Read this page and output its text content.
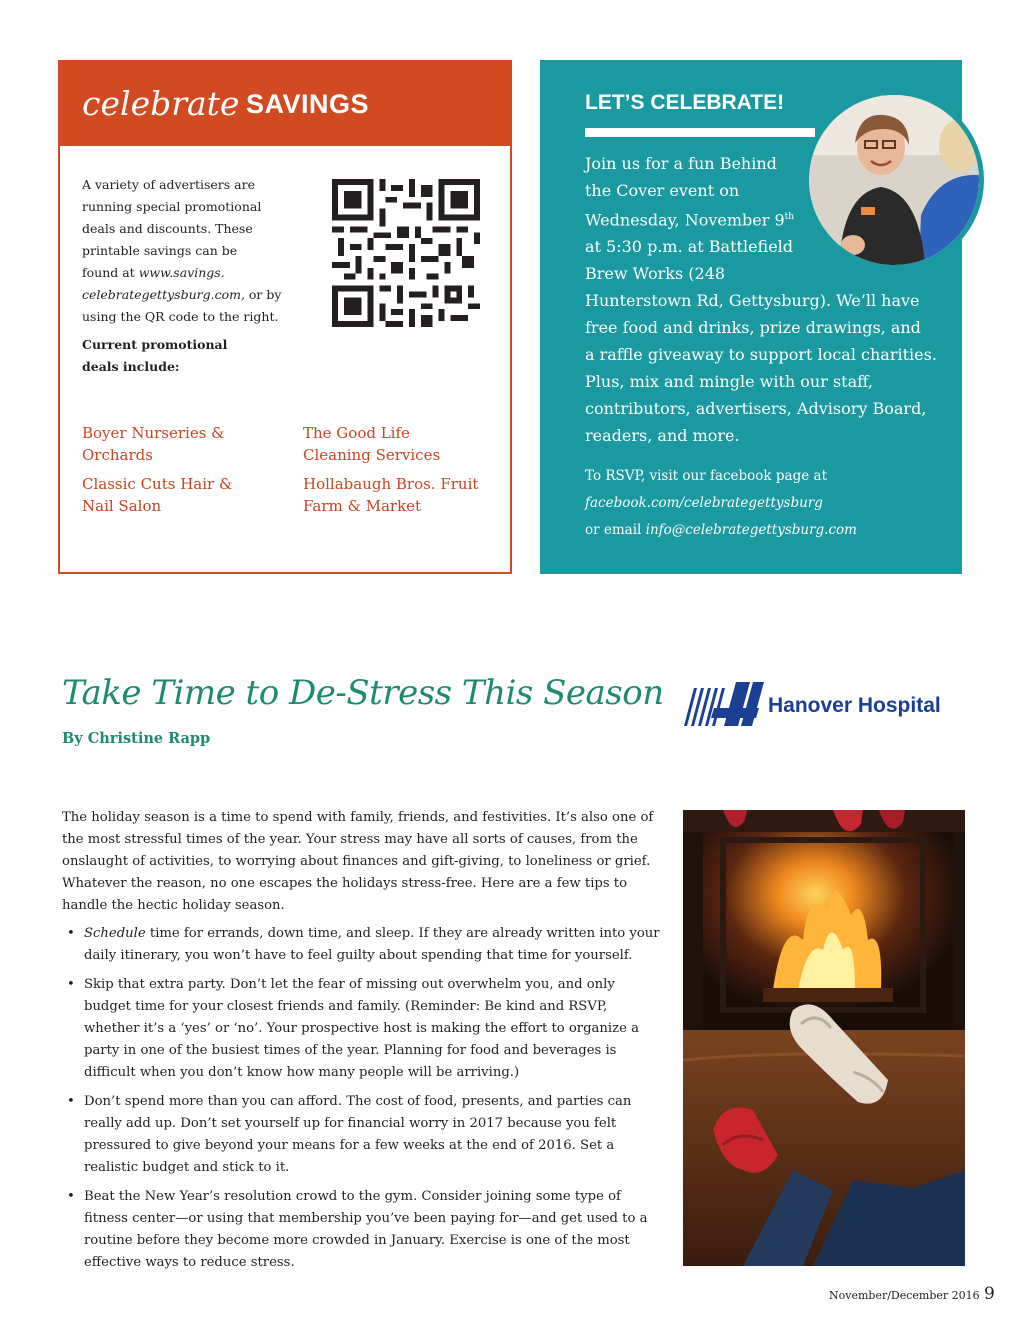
celebrate SAVINGS
A variety of advertisers are
running special promotional
deals and discounts. These
printable savings can be
found at www.savings.
celebrategettysburg.com, or by
using the QR code to the right.
Current promotional
deals include:
Boyer Nurseries &
Orchards
The Good Life
Cleaning Services
Classic Cuts Hair &
Nail Salon
Hollabaugh Bros. Fruit
Farm & Market
LET’S CELEBRATE!
Join us for a fun Behind
the Cover event on
Wednesday, November 9th
at 5:30 p.m. at Battlefield
Brew Works (248
Hunterstown Rd, Gettysburg). We’ll have
free food and drinks, prize drawings, and
a raffle giveaway to support local charities.
Plus, mix and mingle with our staff,
contributors, advertisers, Advisory Board,
readers, and more.
To RSVP, visit our facebook page at
facebook.com/celebrategettysburg
or email info@celebrategettysburg.com
Take Time to De-Stress This Season
By Christine Rapp
Hanover Hospital

The holiday season is a time to spend with family, friends, and festivities. It’s also one of the most stressful times of the year. Your stress may have all sorts of causes, from the onslaught of activities, to worrying about finances and gift-giving, to loneliness or grief. Whatever the reason, no one escapes the holidays stress-free. Here are a few tips to handle the hectic holiday season.

• Schedule time for errands, down time, and sleep. If they are already written into your daily itinerary, you won’t have to feel guilty about spending that time for yourself.
• Skip that extra party. Don’t let the fear of missing out overwhelm you, and only budget time for your closest friends and family. (Reminder: Be kind and RSVP, whether it’s a ‘yes’ or ‘no’. Your prospective host is making the effort to organize a party in one of the busiest times of the year. Planning for food and beverages is difficult when you don’t know how many people will be arriving.)
• Don’t spend more than you can afford. The cost of food, presents, and parties can really add up. Don’t set yourself up for financial worry in 2017 because you felt pressured to give beyond your means for a few weeks at the end of 2016. Set a realistic budget and stick to it.
• Beat the New Year’s resolution crowd to the gym. Consider joining some type of fitness center—or using that membership you’ve been paying for—and get used to a routine before they become more crowded in January. Exercise is one of the most effective ways to reduce stress.
November/December 2016 9
